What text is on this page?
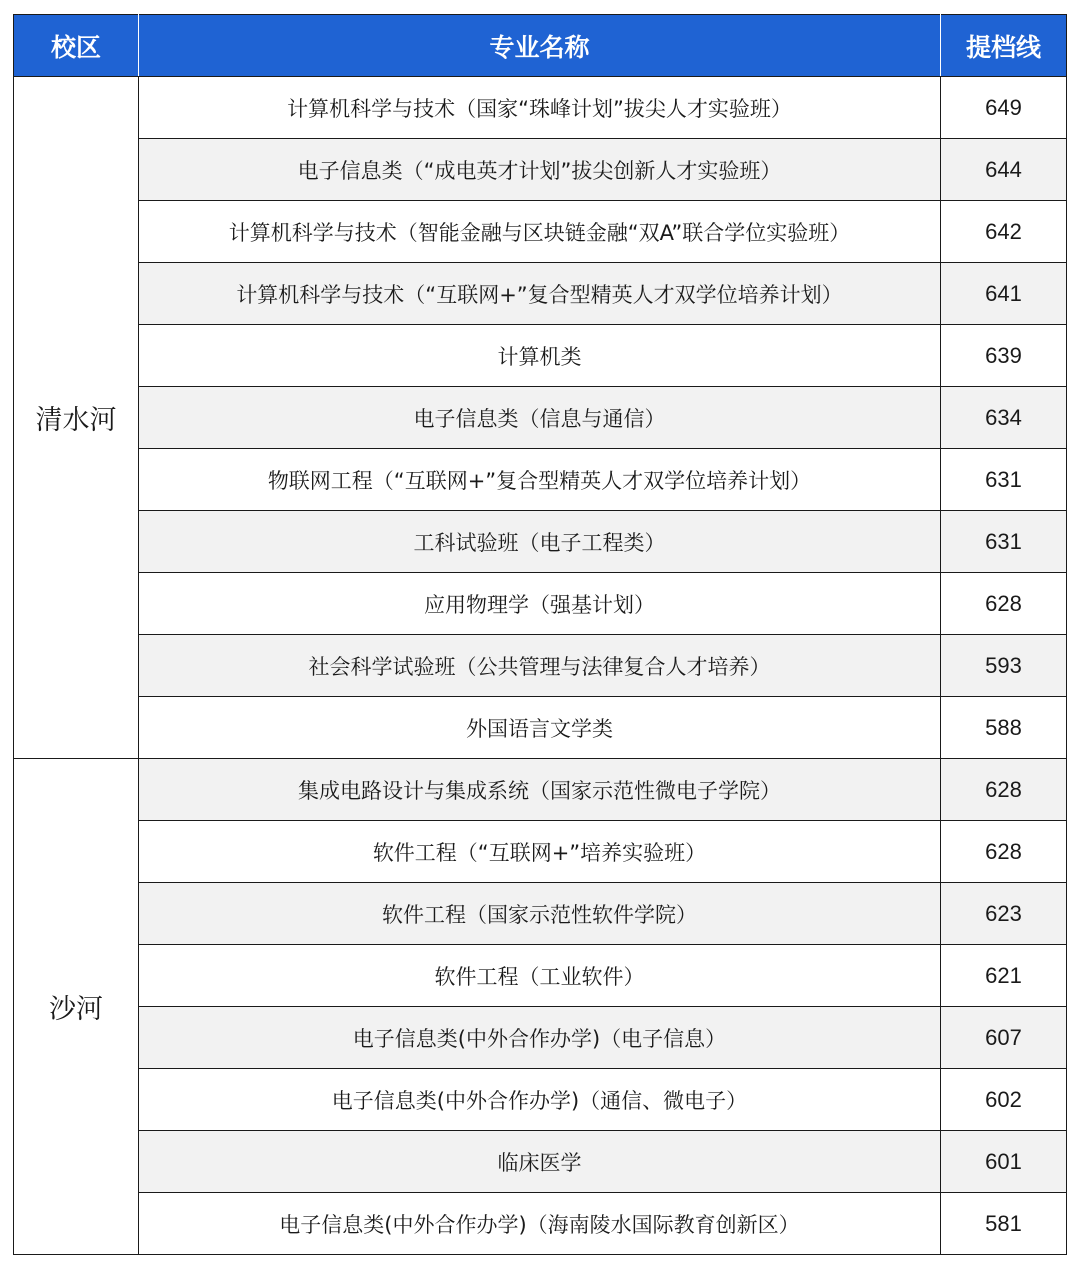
校区	专业名称	提档线
清水河	计算机科学与技术（国家“珠峰计划”拔尖人才实验班）	649
	电子信息类（“成电英才计划”拔尖创新人才实验班）	644
	计算机科学与技术（智能金融与区块链金融“双A”联合学位实验班）	642
	计算机科学与技术（“互联网+”复合型精英人才双学位培养计划）	641
	计算机类	639
	电子信息类（信息与通信）	634
	物联网工程（“互联网+”复合型精英人才双学位培养计划）	631
	工科试验班（电子工程类）	631
	应用物理学（强基计划）	628
	社会科学试验班（公共管理与法律复合人才培养）	593
	外国语言文学类	588
沙河	集成电路设计与集成系统（国家示范性微电子学院）	628
	软件工程（“互联网+”培养实验班）	628
	软件工程（国家示范性软件学院）	623
	软件工程（工业软件）	621
	电子信息类(中外合作办学)（电子信息）	607
	电子信息类(中外合作办学)（通信、微电子）	602
	临床医学	601
	电子信息类(中外合作办学)（海南陵水国际教育创新区）	581
